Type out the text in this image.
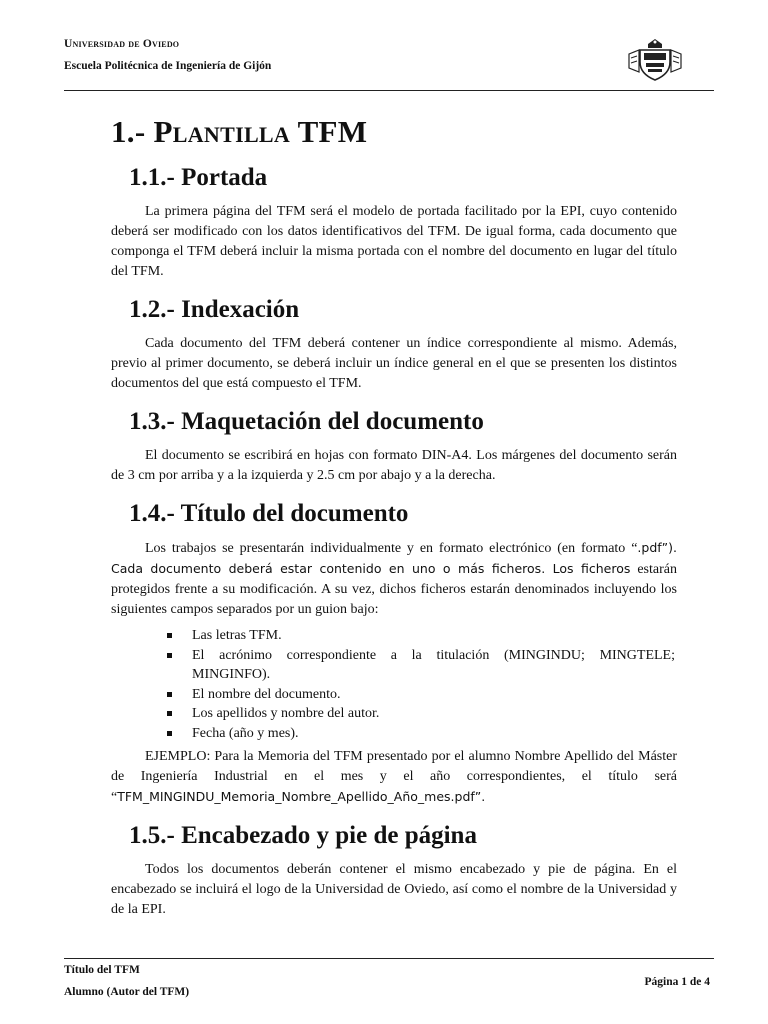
Universidad de Oviedo
Escuela Politécnica de Ingeniería de Gijón
1.- Plantilla TFM
1.1.- Portada

La primera página del TFM será el modelo de portada facilitado por la EPI, cuyo contenido deberá ser modificado con los datos identificativos del TFM. De igual forma, cada documento que componga el TFM deberá incluir la misma portada con el nombre del documento en lugar del título del TFM.

1.2.- Indexación

Cada documento del TFM deberá contener un índice correspondiente al mismo. Además, previo al primer documento, se deberá incluir un índice general en el que se presenten los distintos documentos del que está compuesto el TFM.

1.3.- Maquetación del documento

El documento se escribirá en hojas con formato DIN-A4. Los márgenes del documento serán de 3 cm por arriba y a la izquierda y 2.5 cm por abajo y a la derecha.

1.4.- Título del documento

Los trabajos se presentarán individualmente y en formato electrónico (en formato “.pdf”). Cada documento deberá estar contenido en uno o más ficheros. Los ficheros estarán protegidos frente a su modificación. A su vez, dichos ficheros estarán denominados incluyendo los siguientes campos separados por un guion bajo:

Las letras TFM.
El acrónimo correspondiente a la titulación (MINGINDU; MINGTELE; MINGINFO).
El nombre del documento.
Los apellidos y nombre del autor.
Fecha (año y mes).

EJEMPLO: Para la Memoria del TFM presentado por el alumno Nombre Apellido del Máster de Ingeniería Industrial en el mes y el año correspondientes, el título será “TFM_MINGINDU_Memoria_Nombre_Apellido_Año_mes.pdf”.

1.5.- Encabezado y pie de página

Todos los documentos deberán contener el mismo encabezado y pie de página. En el encabezado se incluirá el logo de la Universidad de Oviedo, así como el nombre de la Universidad y de la EPI.

Título del TFM
Alumno (Autor del TFM)
Página 1 de 4
